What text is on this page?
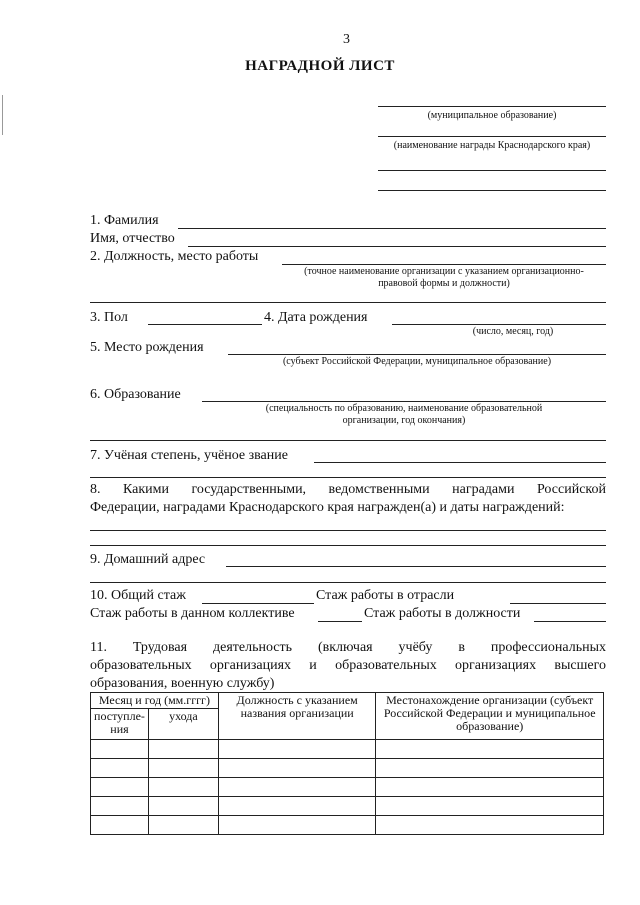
3
НАГРАДНОЙ ЛИСТ
(муниципальное образование)
(наименование награды Краснодарского края)
1. Фамилия
Имя, отчество
2. Должность, место работы
(точное наименование организации с указанием организационно-
правовой формы и должности)
3. Пол	4. Дата рождения
(число, месяц, год)
5. Место рождения
(субъект Российской Федерации, муниципальное образование)
6. Образование
(специальность по образованию, наименование образовательной
организации, год окончания)
7. Учёная степень, учёное звание
8. Какими государственными, ведомственными наградами Российской
Федерации, наградами Краснодарского края награжден(а) и даты награждений:
9. Домашний адрес
10. Общий стаж	Стаж работы в отрасли
Стаж работы в данном коллективе	Стаж работы в должности
11. Трудовая деятельность (включая учёбу в профессиональных
образовательных организациях и образовательных организациях высшего
образования, военную службу)
Месяц и год (мм.гггг)		Должность с указанием названия организации	Местонахождение организации (субъект Российской Федерации и муниципальное образование)
поступле-ния	ухода		
